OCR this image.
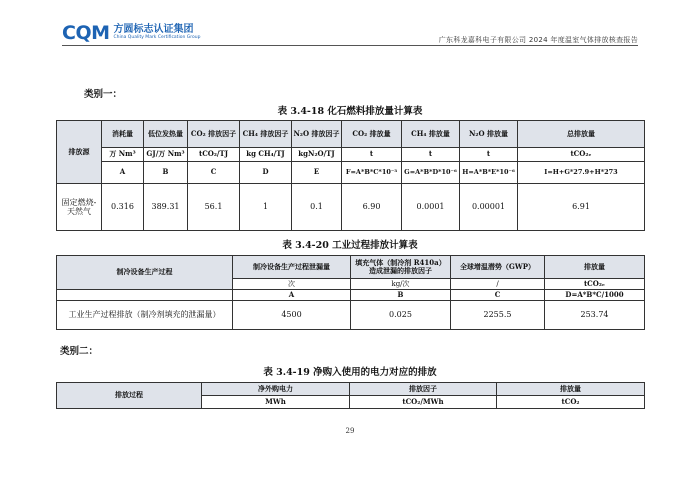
CQM 方圆标志认证集团
China Quality Mark Certification Group	广东科龙嘉科电子有限公司 2024 年度温室气体排放核查报告
类别一：
表 3.4-18 化石燃料排放量计算表
排放源	消耗量	低位发热量	CO₂ 排放因子	CH₄ 排放因子	N₂O 排放因子	CO₂ 排放量	CH₄ 排放量	N₂O 排放量	总排放量
	万 Nm³	GJ/万 Nm³	tCO₂/TJ	kg CH₄/TJ	kgN₂O/TJ	t	t	t	tCO₂ₑ
	A	B	C	D	E	F=A*B*C*10⁻³	G=A*B*D*10⁻⁶	H=A*B*E*10⁻⁶	I=H+G*27.9+H*273
固定燃烧-天然气	0.316	389.31	56.1	1	0.1	6.90	0.0001	0.00001	6.91
表 3.4-20 工业过程排放计算表
制冷设备生产过程	制冷设备生产过程泄漏量	填充气体（制冷剂 R410a）造成泄漏的排放因子	全球增温潜势（GWP）	排放量
	次	kg/次	/	tCO₂ₑ
	A	B	C	D=A*B*C/1000
工业生产过程排放（制冷剂填充的泄漏量）	4500	0.025	2255.5	253.74
类别二：
表 3.4-19 净购入使用的电力对应的排放
排放过程	净外购电力	排放因子	排放量
	MWh	tCO₂/MWh	tCO₂
29
